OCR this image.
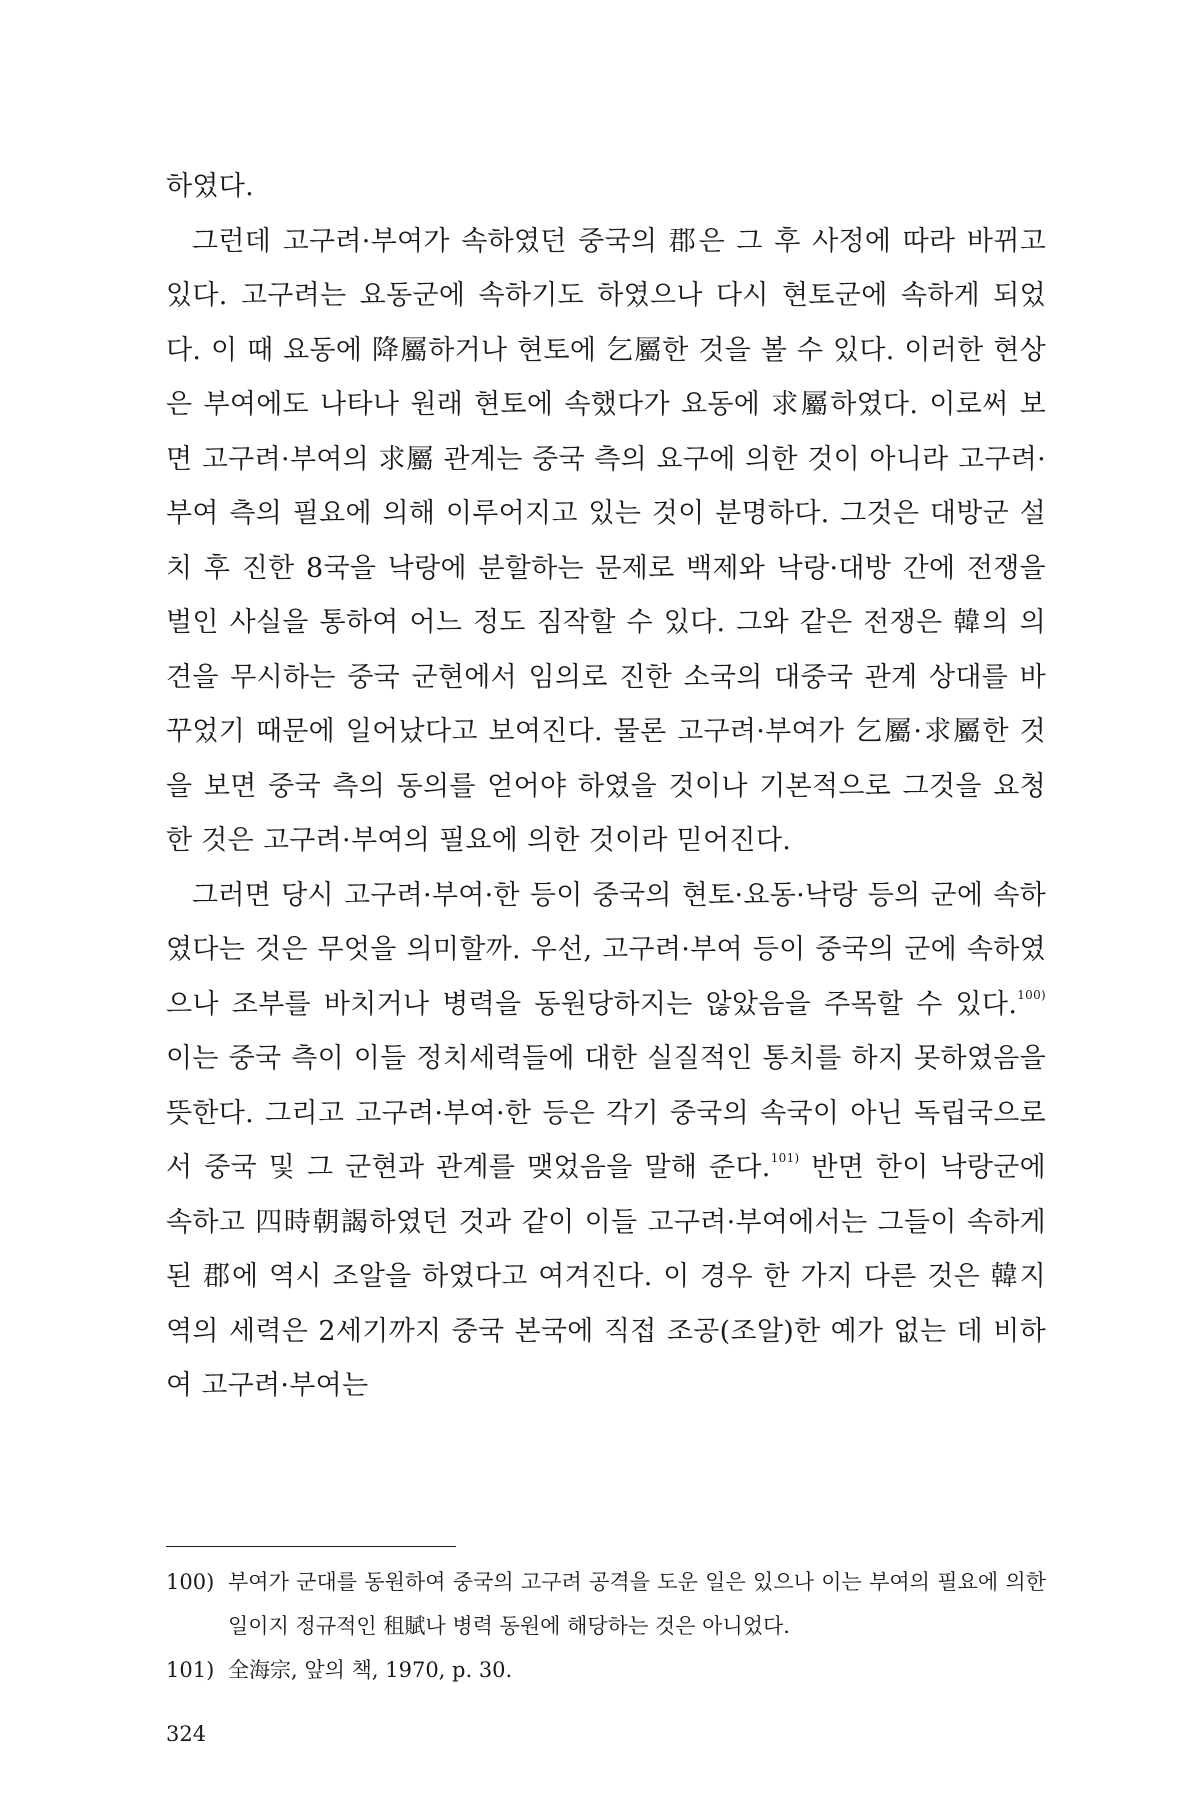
하였다.

그런데 고구려·부여가 속하였던 중국의 郡은 그 후 사정에 따라 바뀌고 있다. 고구려는 요동군에 속하기도 하였으나 다시 현토군에 속하게 되었다. 이 때 요동에 降屬하거나 현토에 乞屬한 것을 볼 수 있다. 이러한 현상은 부여에도 나타나 원래 현토에 속했다가 요동에 求屬하였다. 이로써 보면 고구려·부여의 求屬 관계는 중국 측의 요구에 의한 것이 아니라 고구려·부여 측의 필요에 의해 이루어지고 있는 것이 분명하다. 그것은 대방군 설치 후 진한 8국을 낙랑에 분할하는 문제로 백제와 낙랑·대방 간에 전쟁을 벌인 사실을 통하여 어느 정도 짐작할 수 있다. 그와 같은 전쟁은 韓의 의견을 무시하는 중국 군현에서 임의로 진한 소국의 대중국 관계 상대를 바꾸었기 때문에 일어났다고 보여진다. 물론 고구려·부여가 乞屬·求屬한 것을 보면 중국 측의 동의를 얻어야 하였을 것이나 기본적으로 그것을 요청한 것은 고구려·부여의 필요에 의한 것이라 믿어진다.

그러면 당시 고구려·부여·한 등이 중국의 현토·요동·낙랑 등의 군에 속하였다는 것은 무엇을 의미할까. 우선, 고구려·부여 등이 중국의 군에 속하였으나 조부를 바치거나 병력을 동원당하지는 않았음을 주목할 수 있다.$^{100)}$ 이는 중국 측이 이들 정치세력들에 대한 실질적인 통치를 하지 못하였음을 뜻한다. 그리고 고구려·부여·한 등은 각기 중국의 속국이 아닌 독립국으로서 중국 및 그 군현과 관계를 맺었음을 말해 준다.$^{101)}$ 반면 한이 낙랑군에 속하고 四時朝謁하였던 것과 같이 이들 고구려·부여에서는 그들이 속하게 된 郡에 역시 조알을 하였다고 여겨진다. 이 경우 한 가지 다른 것은 韓지역의 세력은 2세기까지 중국 본국에 직접 조공(조알)한 예가 없는 데 비하여 고구려·부여는

100) 부여가 군대를 동원하여 중국의 고구려 공격을 도운 일은 있으나 이는 부여의 필요에 의한 일이지 정규적인 租賦나 병력 동원에 해당하는 것은 아니었다.
101) 全海宗, 앞의 책, 1970, p. 30.
324
